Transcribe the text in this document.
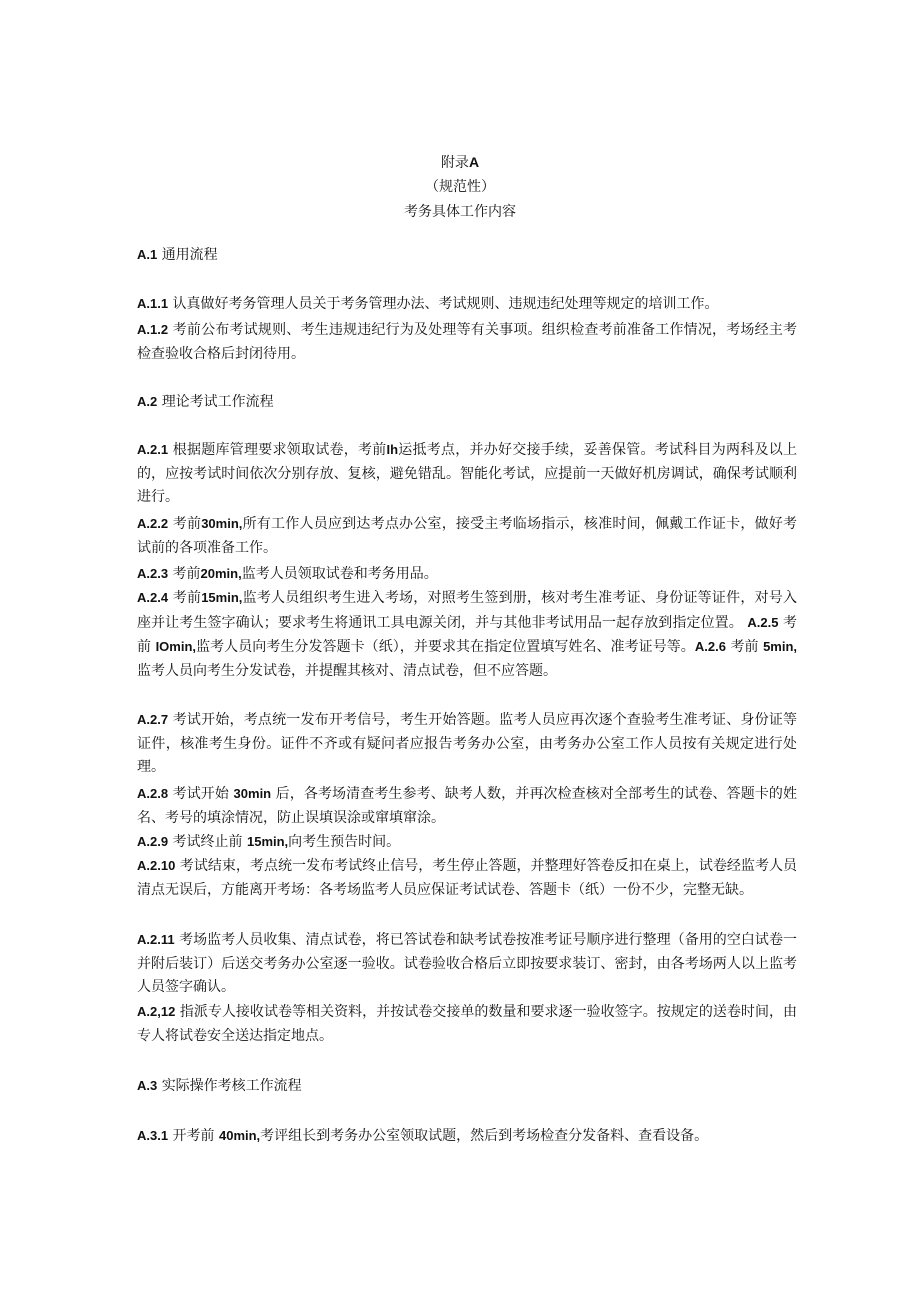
附录A
（规范性）
考务具体工作内容
A.1 通用流程
A.1.1 认真做好考务管理人员关于考务管理办法、考试规则、违规违纪处理等规定的培训工作。
A.1.2 考前公布考试规则、考生违规违纪行为及处理等有关事项。组织检查考前准备工作情况，考场经主考检查验收合格后封闭待用。
A.2 理论考试工作流程
A.2.1 根据题库管理要求领取试卷，考前Ih运抵考点，并办好交接手续，妥善保管。考试科目为两科及以上的，应按考试时间依次分别存放、复核，避免错乱。智能化考试，应提前一天做好机房调试，确保考试顺利进行。
A.2.2 考前30min,所有工作人员应到达考点办公室，接受主考临场指示，核准时间，佩戴工作证卡，做好考试前的各项准备工作。
A.2.3 考前20min,监考人员领取试卷和考务用品。
A.2.4 考前15min,监考人员组织考生进入考场，对照考生签到册，核对考生准考证、身份证等证件，对号入座并让考生签字确认；要求考生将通讯工具电源关闭，并与其他非考试用品一起存放到指定位置。 A.2.5 考前 IOmin,监考人员向考生分发答题卡（纸），并要求其在指定位置填写姓名、准考证号等。A.2.6 考前 5min,监考人员向考生分发试卷，并提醒其核对、清点试卷，但不应答题。
A.2.7 考试开始，考点统一发布开考信号，考生开始答题。监考人员应再次逐个查验考生准考证、身份证等证件，核准考生身份。证件不齐或有疑问者应报告考务办公室，由考务办公室工作人员按有关规定进行处理。
A.2.8 考试开始 30min 后，各考场清查考生参考、缺考人数，并再次检查核对全部考生的试卷、答题卡的姓名、考号的填涂情况，防止误填误涂或窜填窜涂。
A.2.9 考试终止前 15min,向考生预告时间。
A.2.10 考试结束，考点统一发布考试终止信号，考生停止答题，并整理好答卷反扣在桌上，试卷经监考人员清点无误后，方能离开考场：各考场监考人员应保证考试试卷、答题卡（纸）一份不少，完整无缺。
A.2.11 考场监考人员收集、清点试卷，将已答试卷和缺考试卷按准考证号顺序进行整理（备用的空白试卷一并附后装订）后送交考务办公室逐一验收。试卷验收合格后立即按要求装订、密封，由各考场两人以上监考人员签字确认。
A.2,12 指派专人接收试卷等相关资料，并按试卷交接单的数量和要求逐一验收签字。按规定的送卷时间，由专人将试卷安全送达指定地点。
A.3 实际操作考核工作流程
A.3.1 开考前 40min,考评组长到考务办公室领取试题，然后到考场检查分发备料、查看设备。
